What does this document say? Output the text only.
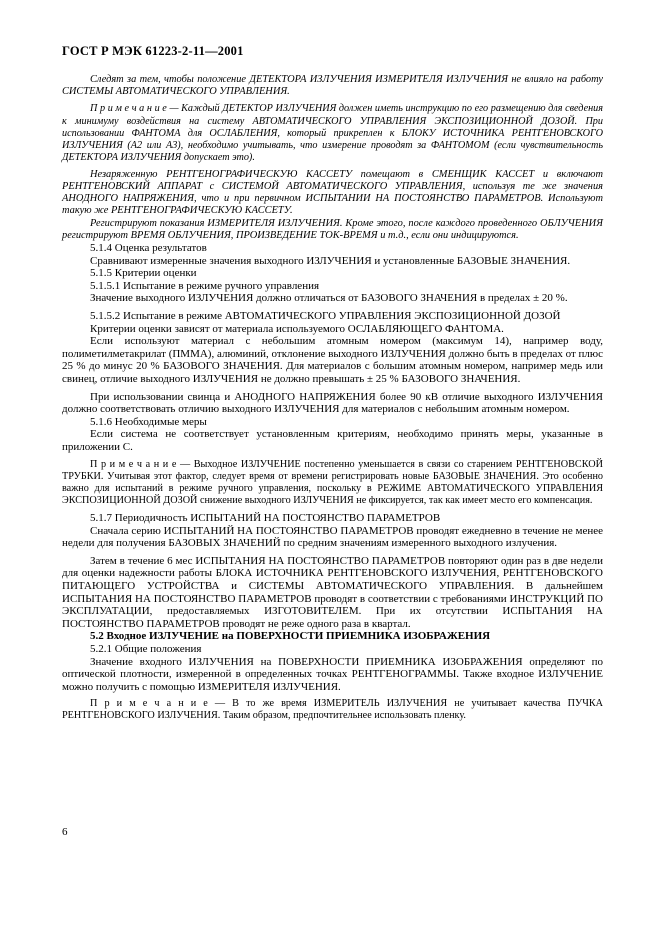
ГОСТ Р МЭК 61223-2-11—2001

Следят за тем, чтобы положение ДЕТЕКТОРА ИЗЛУЧЕНИЯ ИЗМЕРИТЕЛЯ ИЗЛУЧЕНИЯ не влияло на работу СИСТЕМЫ АВТОМАТИЧЕСКОГО УПРАВЛЕНИЯ.

П р и м е ч а н и е — Каждый ДЕТЕКТОР ИЗЛУЧЕНИЯ должен иметь инструкцию по его размещению для сведения к минимуму воздействия на систему АВТОМАТИЧЕСКОГО УПРАВЛЕНИЯ ЭКСПОЗИЦИОННОЙ ДОЗОЙ. При использовании ФАНТОМА для ОСЛАБЛЕНИЯ, который прикреплен к БЛОКУ ИСТОЧНИКА РЕНТГЕНОВСКОГО ИЗЛУЧЕНИЯ (А2 или А3), необходимо учитывать, что измерение проводят за ФАНТОМОМ (если чувствительность ДЕТЕКТОРА ИЗЛУЧЕНИЯ допускает это).

Незаряженную РЕНТГЕНОГРАФИЧЕСКУЮ КАССЕТУ помещают в СМЕНЩИК КАССЕТ и включают РЕНТГЕНОВСКИЙ АППАРАТ с СИСТЕМОЙ АВТОМАТИЧЕСКОГО УПРАВЛЕНИЯ, используя те же значения АНОДНОГО НАПРЯЖЕНИЯ, что и при первичном ИСПЫТАНИИ НА ПОСТОЯНСТВО ПАРАМЕТРОВ. Используют такую же РЕНТГЕНОГРАФИЧЕСКУЮ КАССЕТУ.

Регистрируют показания ИЗМЕРИТЕЛЯ ИЗЛУЧЕНИЯ. Кроме этого, после каждого проведенного ОБЛУЧЕНИЯ регистрируют ВРЕМЯ ОБЛУЧЕНИЯ, ПРОИЗВЕДЕНИЕ ТОК-ВРЕМЯ и т.д., если они индицируются.

5.1.4 Оценка результатов

Сравнивают измеренные значения выходного ИЗЛУЧЕНИЯ и установленные БАЗОВЫЕ ЗНАЧЕНИЯ.

5.1.5 Критерии оценки

5.1.5.1 Испытание в режиме ручного управления

Значение выходного ИЗЛУЧЕНИЯ должно отличаться от БАЗОВОГО ЗНАЧЕНИЯ в пределах ± 20 %.

5.1.5.2 Испытание в режиме АВТОМАТИЧЕСКОГО УПРАВЛЕНИЯ ЭКСПОЗИЦИОННОЙ ДОЗОЙ

Критерии оценки зависят от материала используемого ОСЛАБЛЯЮЩЕГО ФАНТОМА.

Если используют материал с небольшим атомным номером (максимум 14), например воду, полиметилметакрилат (ПММА), алюминий, отклонение выходного ИЗЛУЧЕНИЯ должно быть в пределах от плюс 25 % до минус 20 % БАЗОВОГО ЗНАЧЕНИЯ. Для материалов с большим атомным номером, например медь или свинец, отличие выходного ИЗЛУЧЕНИЯ не должно превышать ± 25 % БАЗОВОГО ЗНАЧЕНИЯ.

При использовании свинца и АНОДНОГО НАПРЯЖЕНИЯ более 90 кВ отличие выходного ИЗЛУЧЕНИЯ должно соответствовать отличию выходного ИЗЛУЧЕНИЯ для материалов с небольшим атомным номером.

5.1.6 Необходимые меры

Если система не соответствует установленным критериям, необходимо принять меры, указанные в приложении С.

П р и м е ч а н и е — Выходное ИЗЛУЧЕНИЕ постепенно уменьшается в связи со старением РЕНТГЕНОВСКОЙ ТРУБКИ. Учитывая этот фактор, следует время от времени регистрировать новые БАЗОВЫЕ ЗНАЧЕНИЯ. Это особенно важно для испытаний в режиме ручного управления, поскольку в РЕЖИМЕ АВТОМАТИЧЕСКОГО УПРАВЛЕНИЯ ЭКСПОЗИЦИОННОЙ ДОЗОЙ снижение выходного ИЗЛУЧЕНИЯ не фиксируется, так как имеет место его компенсация.

5.1.7 Периодичность ИСПЫТАНИЙ НА ПОСТОЯНСТВО ПАРАМЕТРОВ

Сначала серию ИСПЫТАНИЙ НА ПОСТОЯНСТВО ПАРАМЕТРОВ проводят ежедневно в течение не менее недели для получения БАЗОВЫХ ЗНАЧЕНИЙ по средним значениям измеренного выходного излучения.

Затем в течение 6 мес ИСПЫТАНИЯ НА ПОСТОЯНСТВО ПАРАМЕТРОВ повторяют один раз в две недели для оценки надежности работы БЛОКА ИСТОЧНИКА РЕНТГЕНОВСКОГО ИЗЛУЧЕНИЯ, РЕНТГЕНОВСКОГО ПИТАЮЩЕГО УСТРОЙСТВА и СИСТЕМЫ АВТОМАТИЧЕСКОГО УПРАВЛЕНИЯ. В дальнейшем ИСПЫТАНИЯ НА ПОСТОЯНСТВО ПАРАМЕТРОВ проводят в соответствии с требованиями ИНСТРУКЦИЙ ПО ЭКСПЛУАТАЦИИ, предоставляемых ИЗГОТОВИТЕЛЕМ. При их отсутствии ИСПЫТАНИЯ НА ПОСТОЯНСТВО ПАРАМЕТРОВ проводят не реже одного раза в квартал.

5.2 Входное ИЗЛУЧЕНИЕ на ПОВЕРХНОСТИ ПРИЕМНИКА ИЗОБРАЖЕНИЯ

5.2.1 Общие положения

Значение входного ИЗЛУЧЕНИЯ на ПОВЕРХНОСТИ ПРИЕМНИКА ИЗОБРАЖЕНИЯ определяют по оптической плотности, измеренной в определенных точках РЕНТГЕНОГРАММЫ. Также входное ИЗЛУЧЕНИЕ можно получить с помощью ИЗМЕРИТЕЛЯ ИЗЛУЧЕНИЯ.

П р и м е ч а н и е — В то же время ИЗМЕРИТЕЛЬ ИЗЛУЧЕНИЯ не учитывает качества ПУЧКА РЕНТГЕНОВСКОГО ИЗЛУЧЕНИЯ. Таким образом, предпочтительнее использовать пленку.

6
